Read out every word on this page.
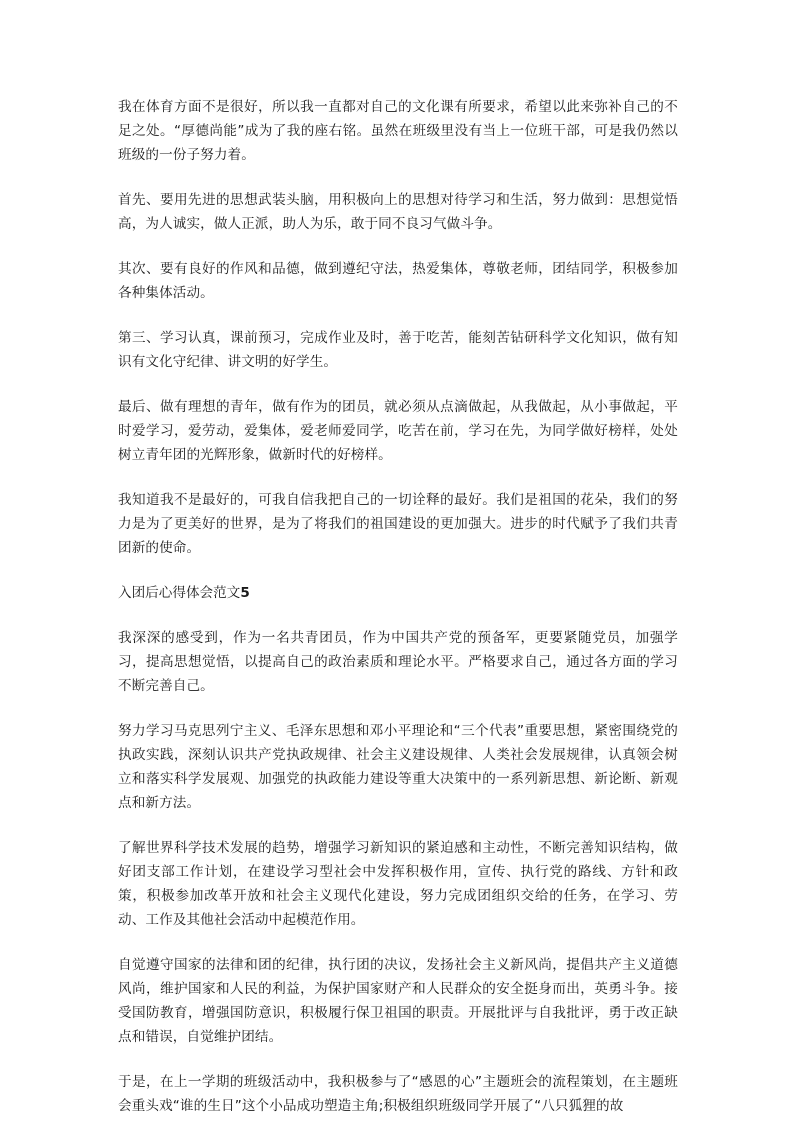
我在体育方面不是很好，所以我一直都对自己的文化课有所要求，希望以此来弥补自己的不足之处。“厚德尚能”成为了我的座右铭。虽然在班级里没有当上一位班干部，可是我仍然以班级的一份子努力着。

首先、要用先进的思想武装头脑，用积极向上的思想对待学习和生活，努力做到：思想觉悟高，为人诚实，做人正派，助人为乐，敢于同不良习气做斗争。

其次、要有良好的作风和品德，做到遵纪守法，热爱集体，尊敬老师，团结同学，积极参加各种集体活动。

第三、学习认真，课前预习，完成作业及时，善于吃苦，能刻苦钻研科学文化知识，做有知识有文化守纪律、讲文明的好学生。

最后、做有理想的青年，做有作为的团员，就必须从点滴做起，从我做起，从小事做起，平时爱学习，爱劳动，爱集体，爱老师爱同学，吃苦在前，学习在先，为同学做好榜样，处处树立青年团的光辉形象，做新时代的好榜样。

我知道我不是最好的，可我自信我把自己的一切诠释的最好。我们是祖国的花朵，我们的努力是为了更美好的世界，是为了将我们的祖国建设的更加强大。进步的时代赋予了我们共青团新的使命。

入团后心得体会范文5

我深深的感受到，作为一名共青团员，作为中国共产党的预备军，更要紧随党员，加强学习，提高思想觉悟，以提高自己的政治素质和理论水平。严格要求自己，通过各方面的学习不断完善自己。

努力学习马克思列宁主义、毛泽东思想和邓小平理论和“三个代表”重要思想，紧密围绕党的执政实践，深刻认识共产党执政规律、社会主义建设规律、人类社会发展规律，认真领会树立和落实科学发展观、加强党的执政能力建设等重大决策中的一系列新思想、新论断、新观点和新方法。

了解世界科学技术发展的趋势，增强学习新知识的紧迫感和主动性，不断完善知识结构，做好团支部工作计划，在建设学习型社会中发挥积极作用，宣传、执行党的路线、方针和政策，积极参加改革开放和社会主义现代化建设，努力完成团组织交给的任务，在学习、劳动、工作及其他社会活动中起模范作用。

自觉遵守国家的法律和团的纪律，执行团的决议，发扬社会主义新风尚，提倡共产主义道德风尚，维护国家和人民的利益，为保护国家财产和人民群众的安全挺身而出，英勇斗争。接受国防教育，增强国防意识，积极履行保卫祖国的职责。开展批评与自我批评，勇于改正缺点和错误，自觉维护团结。

于是，在上一学期的班级活动中，我积极参与了“感恩的心”主题班会的流程策划，在主题班会重头戏“谁的生日”这个小品成功塑造主角;积极组织班级同学开展了“八只狐狸的故
